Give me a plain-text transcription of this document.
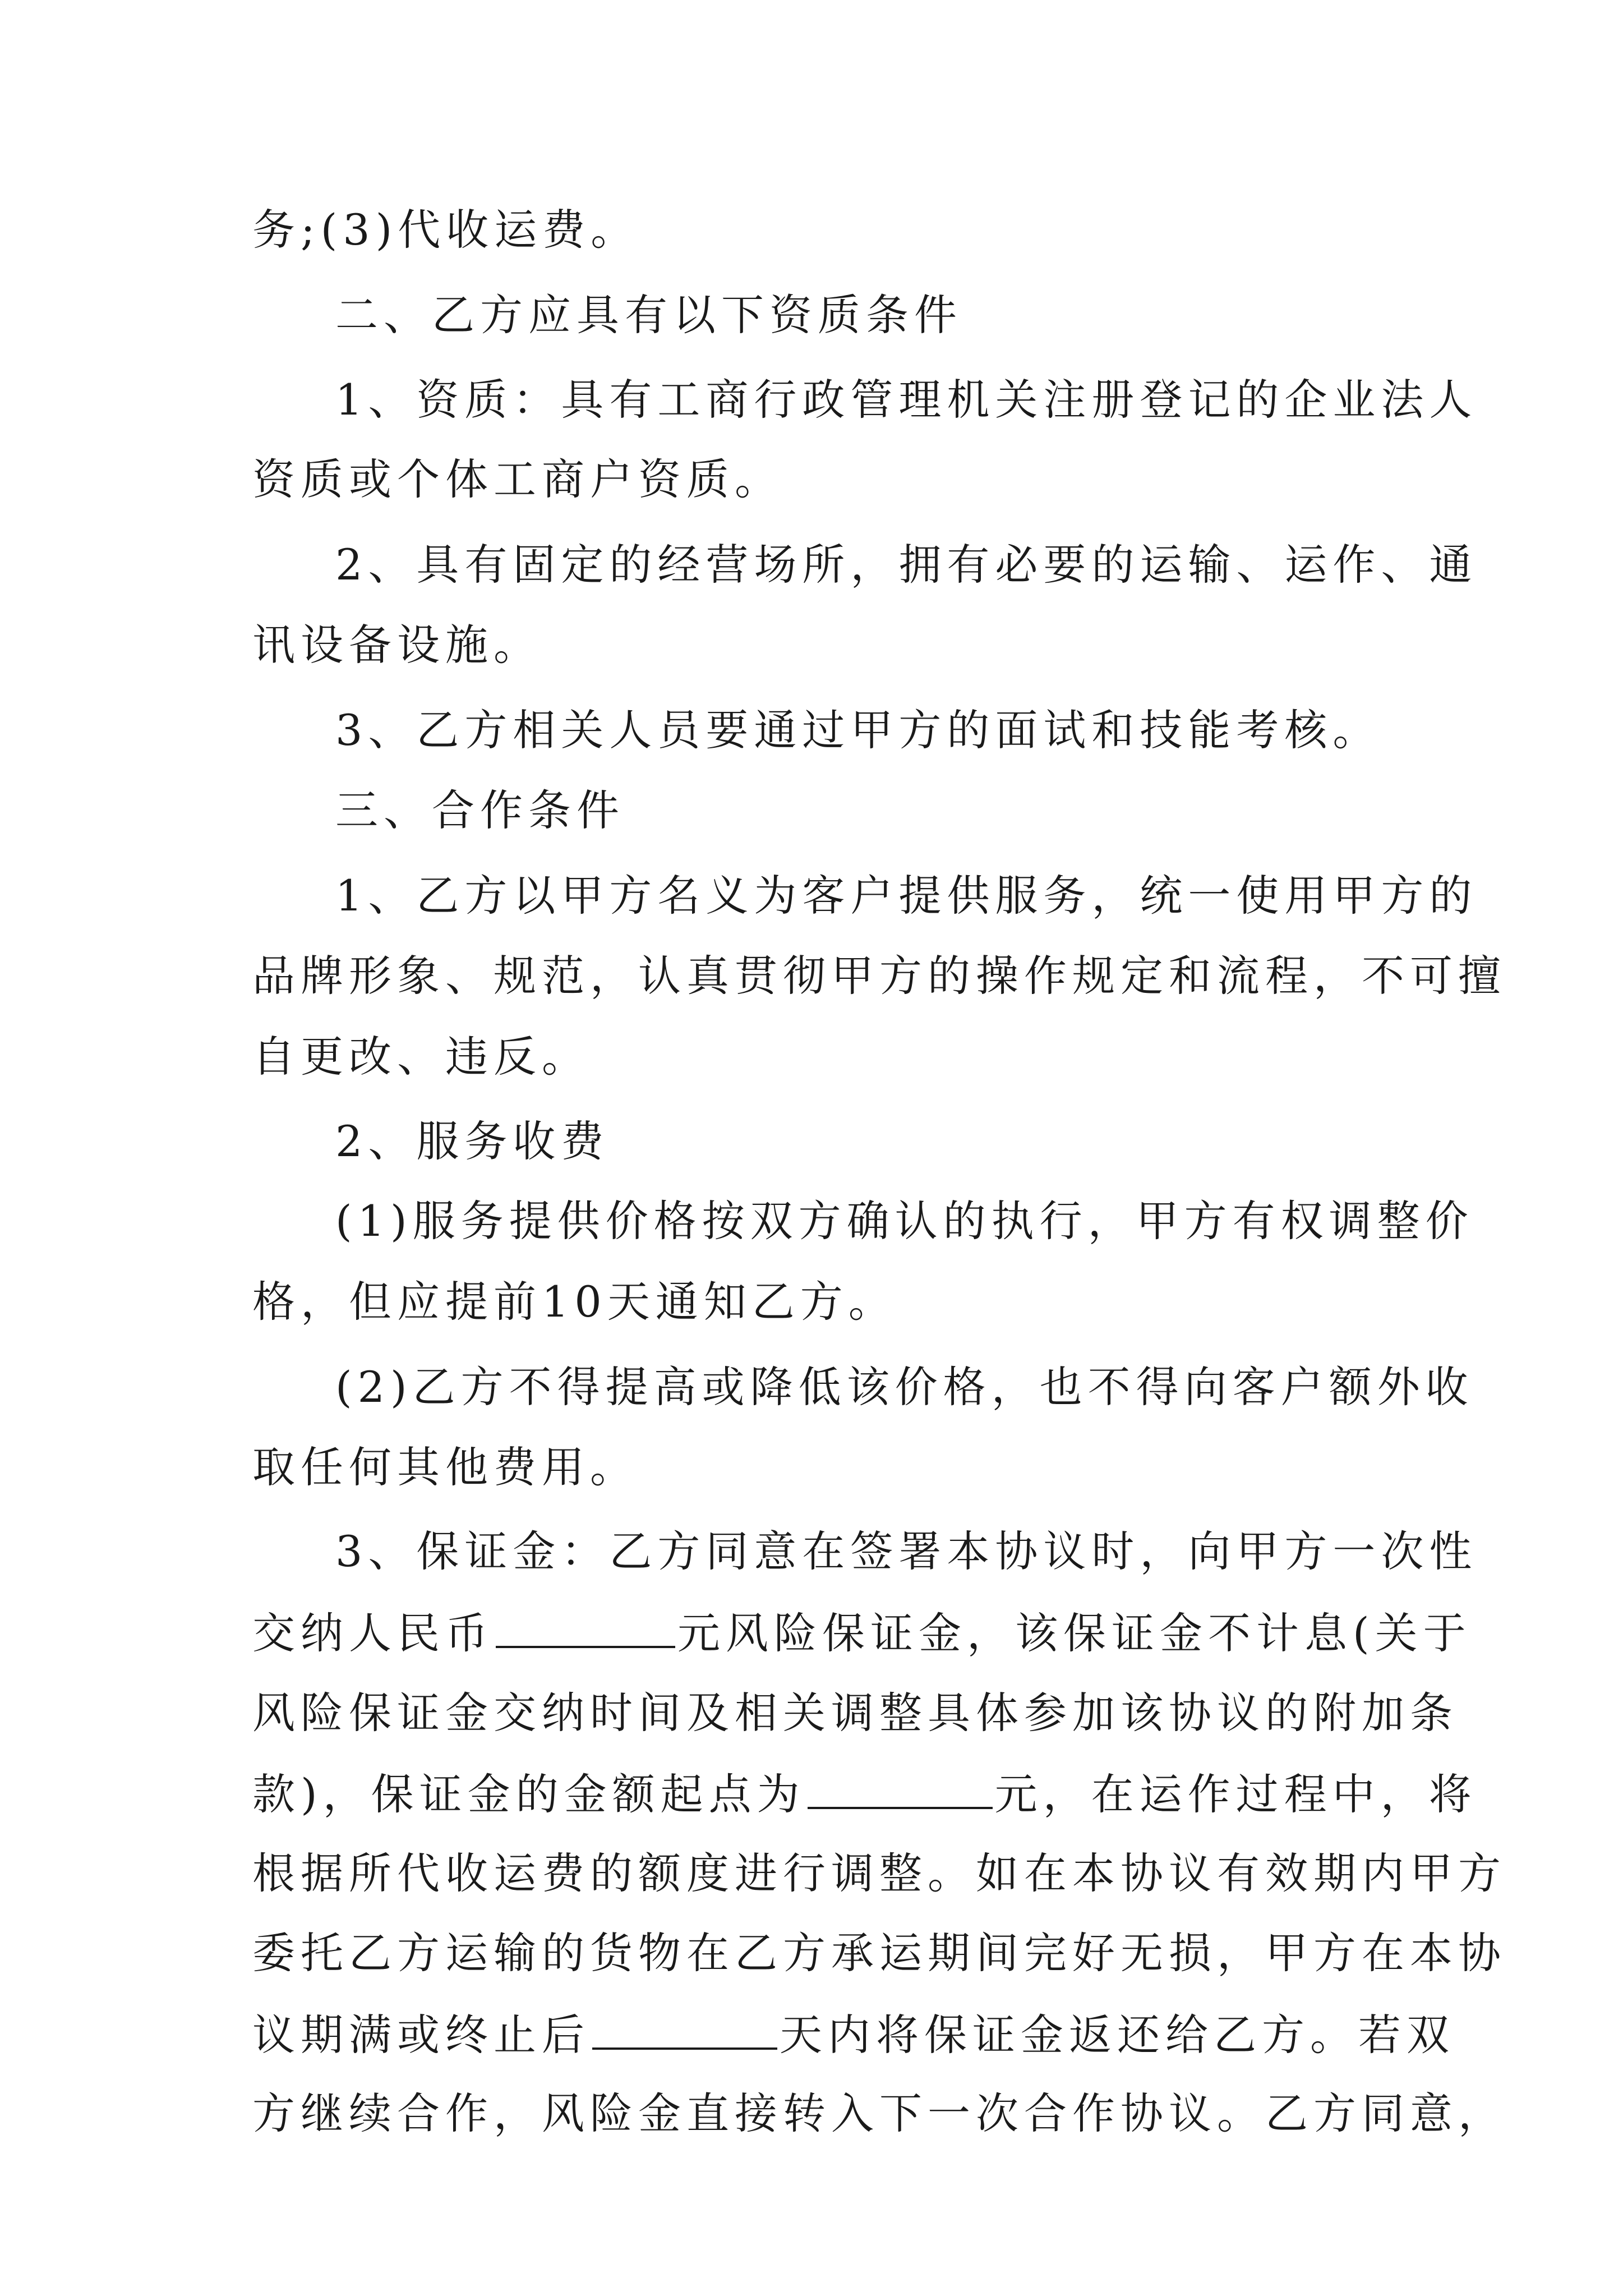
务;(3)代收运费。
二、乙方应具有以下资质条件
1、资质：具有工商行政管理机关注册登记的企业法人
资质或个体工商户资质。
2、具有固定的经营场所，拥有必要的运输、运作、通
讯设备设施。
3、乙方相关人员要通过甲方的面试和技能考核。
三、合作条件
1、乙方以甲方名义为客户提供服务，统一使用甲方的
品牌形象、规范，认真贯彻甲方的操作规定和流程，不可擅
自更改、违反。
2、服务收费
(1)服务提供价格按双方确认的执行，甲方有权调整价
格，但应提前10天通知乙方。
(2)乙方不得提高或降低该价格，也不得向客户额外收
取任何其他费用。
3、保证金：乙方同意在签署本协议时，向甲方一次性
交纳人民币	元风险保证金，该保证金不计息(关于
风险保证金交纳时间及相关调整具体参加该协议的附加条
款)，保证金的金额起点为	元，在运作过程中，将
根据所代收运费的额度进行调整。如在本协议有效期内甲方
委托乙方运输的货物在乙方承运期间完好无损，甲方在本协
议期满或终止后	天内将保证金返还给乙方。若双
方继续合作，风险金直接转入下一次合作协议。乙方同意，
